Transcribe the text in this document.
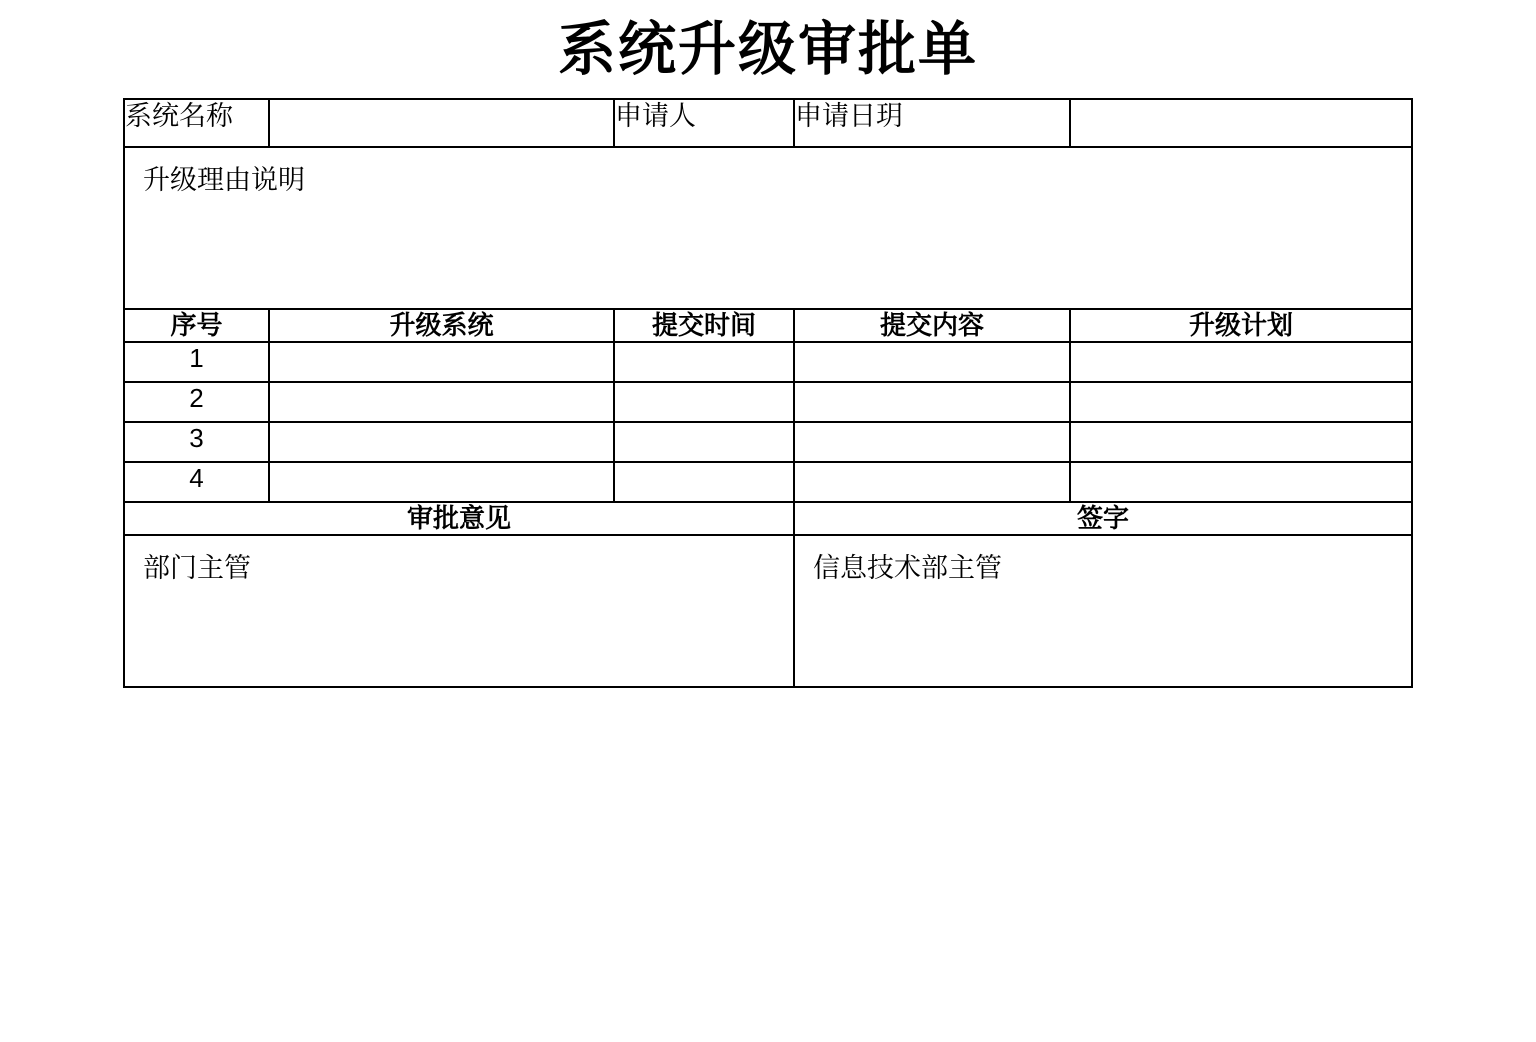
系统升级审批单
系统名称		申请人	申请日玥	

升级理由说明				

序号	升级系统	提交时间	提交内容	升级计划
1	

2	

3	

4	

审批意见			签字	

部门主管			信息技术部主管	
